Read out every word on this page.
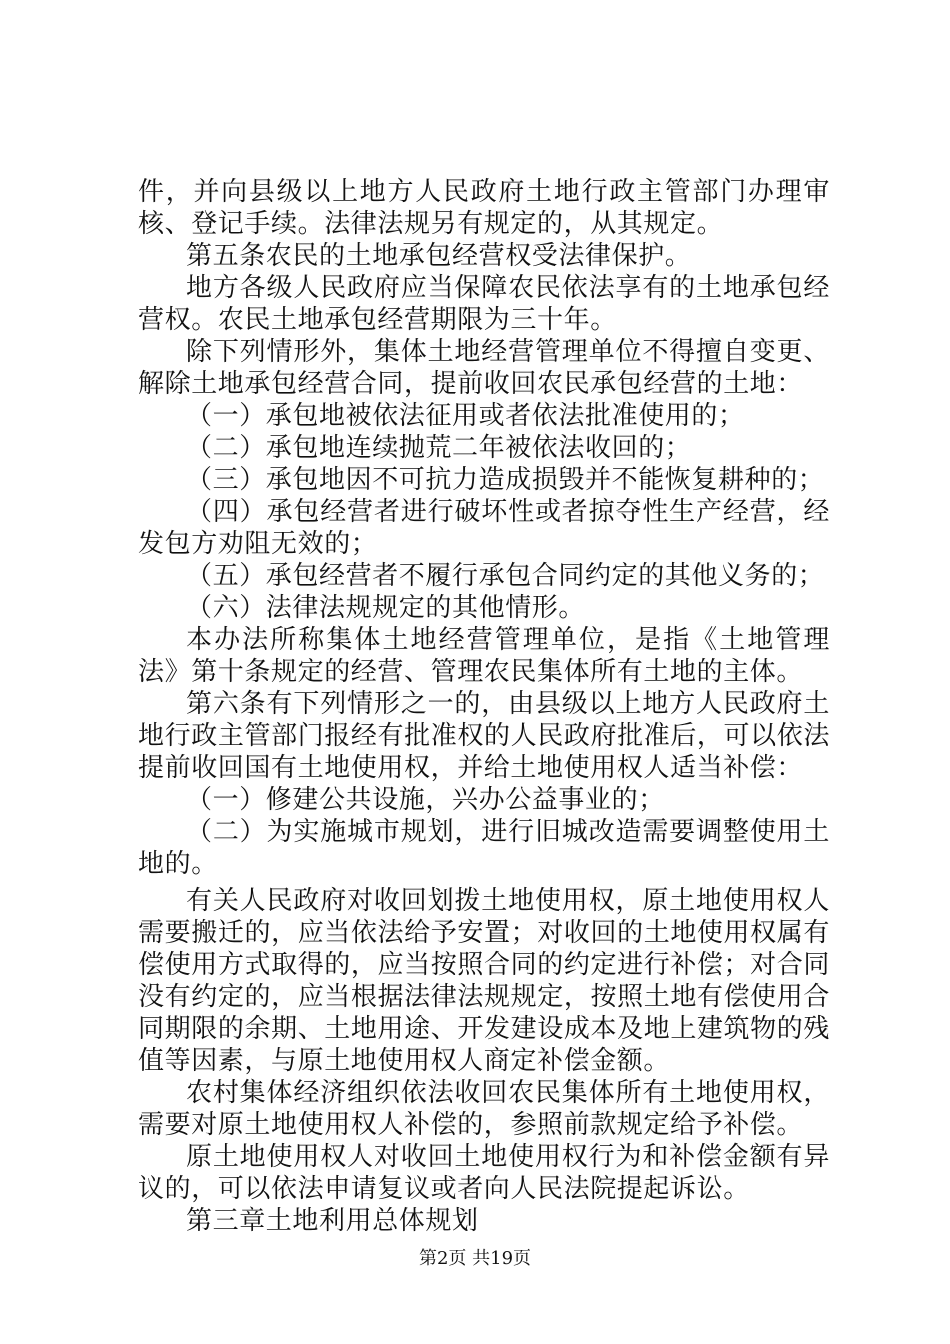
件，并向县级以上地方人民政府土地行政主管部门办理审核、登记手续。法律法规另有规定的，从其规定。

第五条农民的土地承包经营权受法律保护。

地方各级人民政府应当保障农民依法享有的土地承包经营权。农民土地承包经营期限为三十年。

除下列情形外，集体土地经营管理单位不得擅自变更、解除土地承包经营合同，提前收回农民承包经营的土地：

（一）承包地被依法征用或者依法批准使用的；

（二）承包地连续抛荒二年被依法收回的；

（三）承包地因不可抗力造成损毁并不能恢复耕种的；

（四）承包经营者进行破坏性或者掠夺性生产经营，经发包方劝阻无效的；

（五）承包经营者不履行承包合同约定的其他义务的；

（六）法律法规规定的其他情形。

本办法所称集体土地经营管理单位，是指《土地管理法》第十条规定的经营、管理农民集体所有土地的主体。

第六条有下列情形之一的，由县级以上地方人民政府土地行政主管部门报经有批准权的人民政府批准后，可以依法提前收回国有土地使用权，并给土地使用权人适当补偿：

（一）修建公共设施，兴办公益事业的；

（二）为实施城市规划，进行旧城改造需要调整使用土地的。

有关人民政府对收回划拨土地使用权，原土地使用权人需要搬迁的，应当依法给予安置；对收回的土地使用权属有偿使用方式取得的，应当按照合同的约定进行补偿；对合同没有约定的，应当根据法律法规规定，按照土地有偿使用合同期限的余期、土地用途、开发建设成本及地上建筑物的残值等因素，与原土地使用权人商定补偿金额。

农村集体经济组织依法收回农民集体所有土地使用权，需要对原土地使用权人补偿的，参照前款规定给予补偿。

原土地使用权人对收回土地使用权行为和补偿金额有异议的，可以依法申请复议或者向人民法院提起诉讼。

第三章土地利用总体规划

第2页 共19页
